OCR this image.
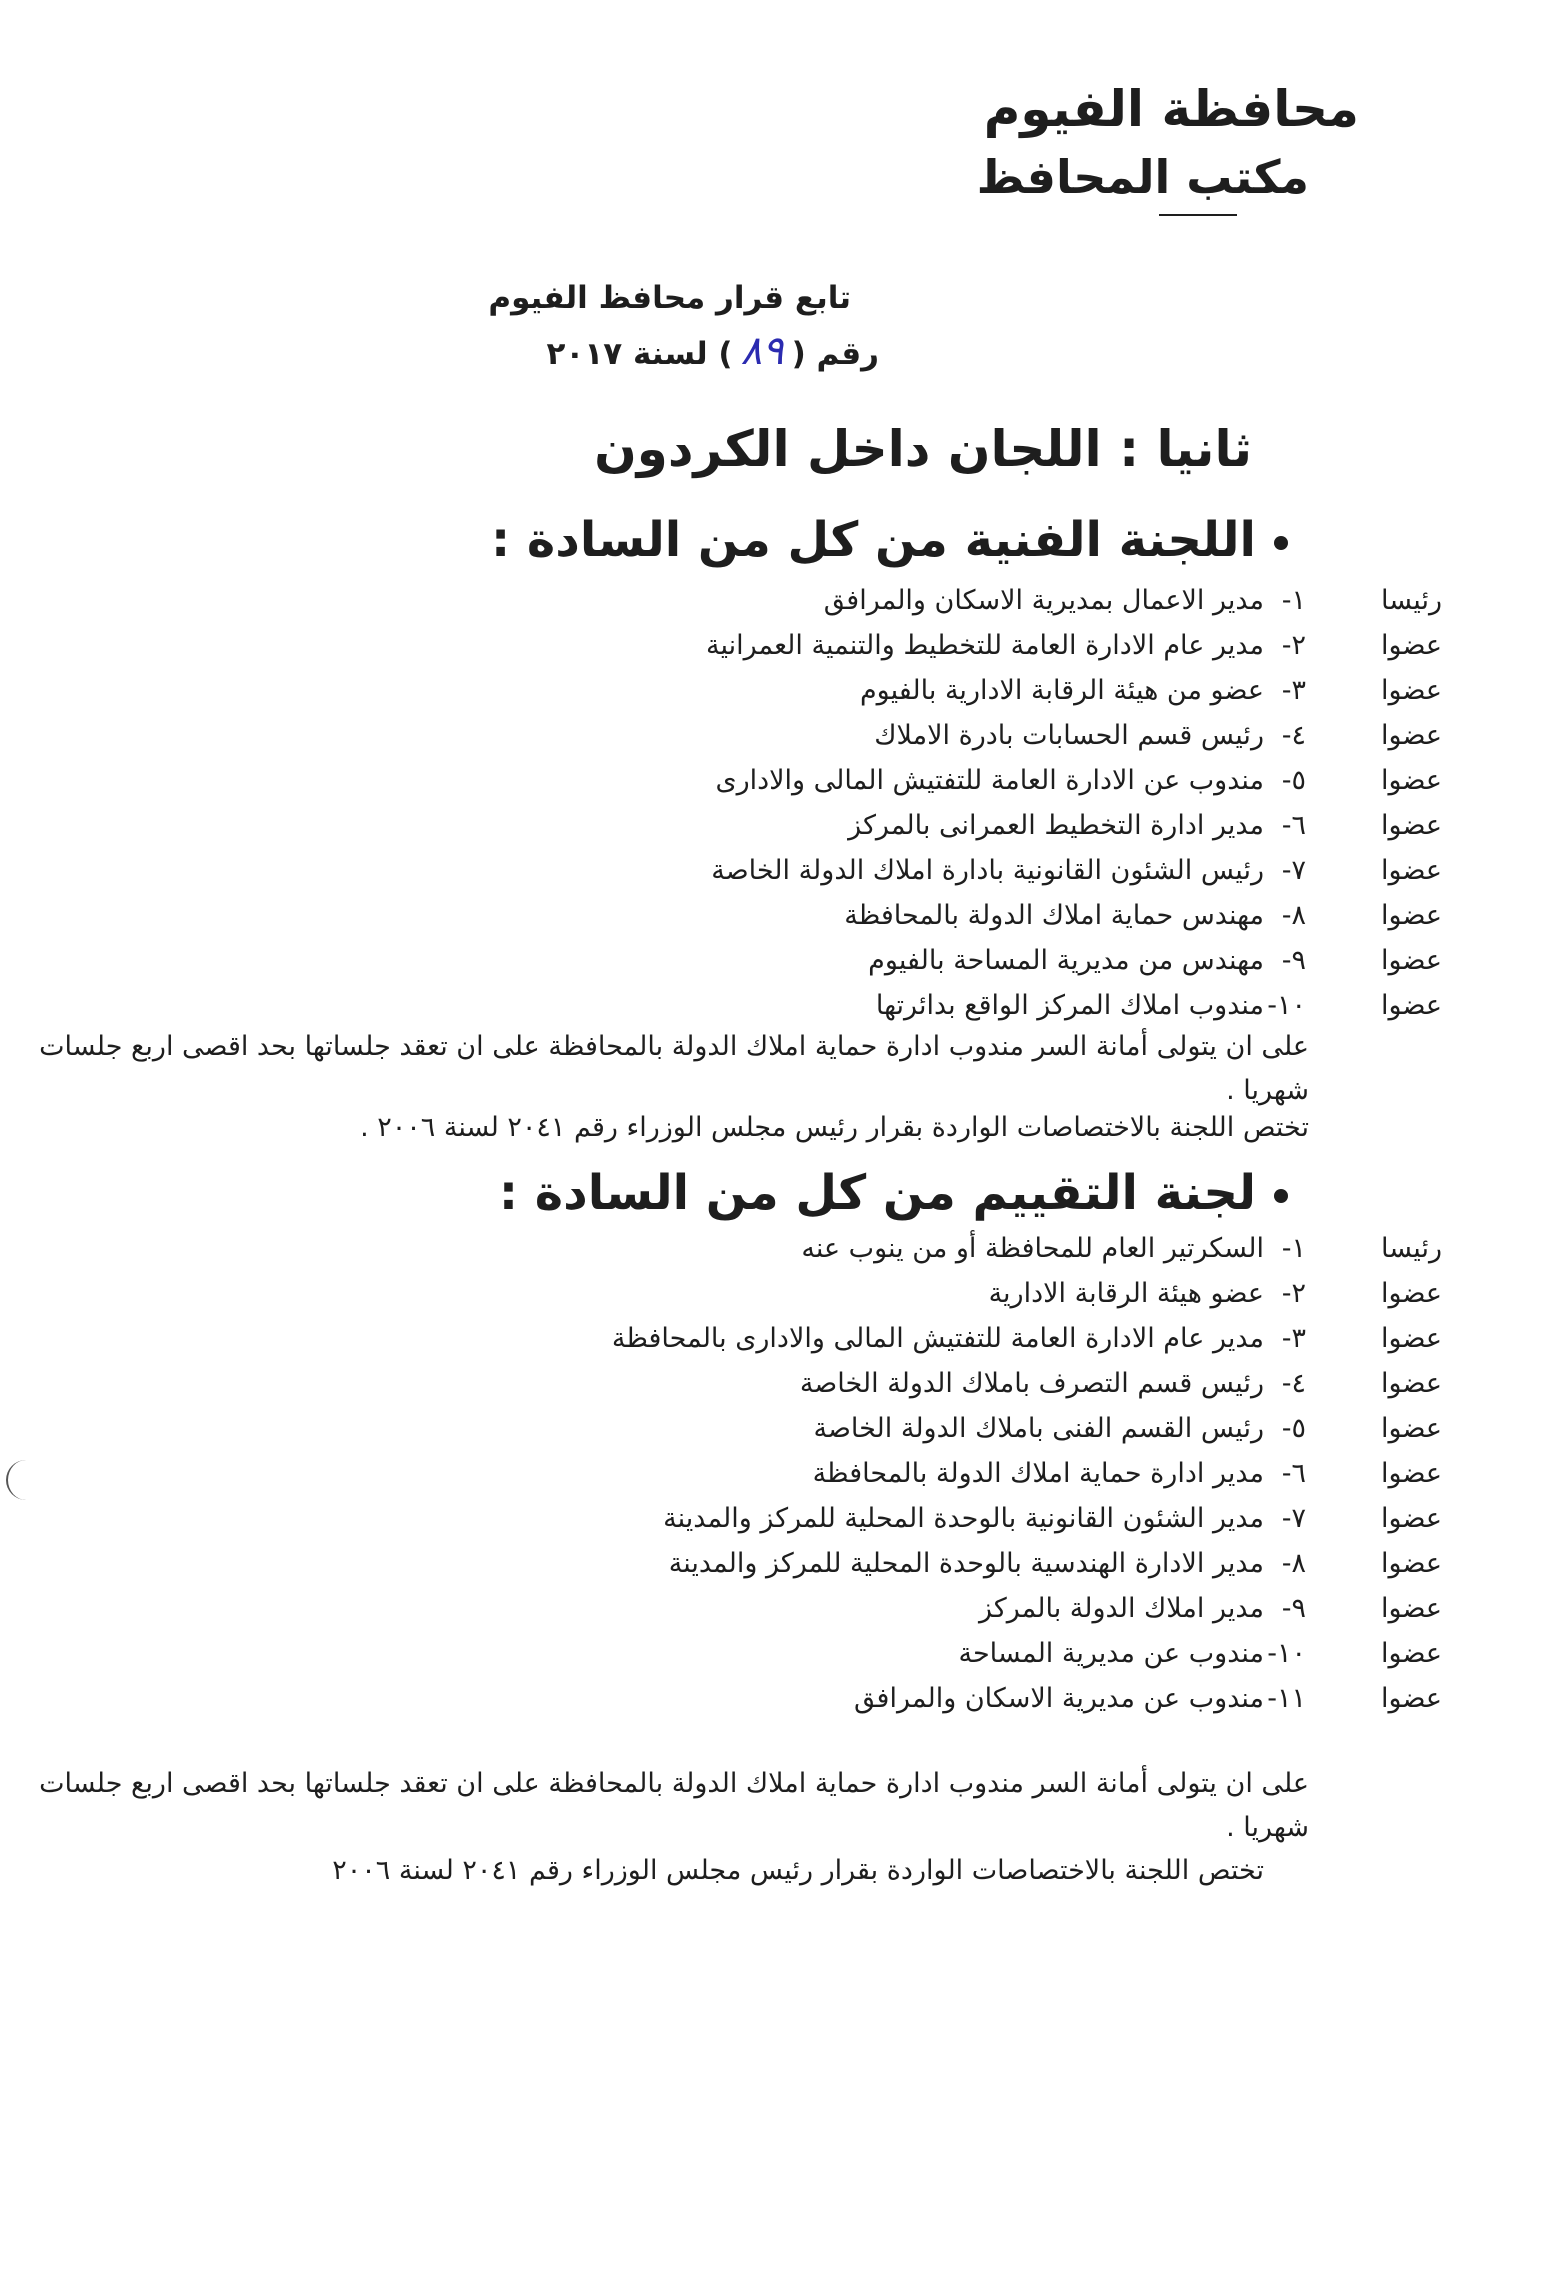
محافظة الفيوم
مكتب المحافظ
تابع قرار محافظ الفيوم
رقم (٨٩) لسنة ٢٠١٧
ثانيا : اللجان داخل الكردون
اللجنة الفنية من كل من السادة :
١-مدير الاعمال بمديرية الاسكان والمرافق	رئيسا
٢-مدير عام الادارة العامة للتخطيط والتنمية العمرانية	عضوا
٣-عضو من هيئة الرقابة الادارية بالفيوم	عضوا
٤-رئيس قسم الحسابات بادرة الاملاك	عضوا
٥-مندوب عن الادارة العامة للتفتيش المالى والادارى	عضوا
٦-مدير ادارة التخطيط العمرانى بالمركز	عضوا
٧-رئيس الشئون القانونية بادارة املاك الدولة الخاصة	عضوا
٨-مهندس حماية املاك الدولة بالمحافظة	عضوا
٩-مهندس من مديرية المساحة بالفيوم	عضوا
١٠-مندوب املاك المركز الواقع بدائرتها	عضوا
على ان يتولى أمانة السر مندوب ادارة حماية املاك الدولة بالمحافظة على ان تعقد جلساتها بحد اقصى اربع جلسات شهريا .
تختص اللجنة بالاختصاصات الواردة بقرار رئيس مجلس الوزراء رقم ٢٠٤١ لسنة ٢٠٠٦ .
لجنة التقييم من كل من السادة :
١-السكرتير العام للمحافظة أو من ينوب عنه	رئيسا
٢-عضو هيئة الرقابة الادارية	عضوا
٣-مدير عام الادارة العامة للتفتيش المالى والادارى بالمحافظة	عضوا
٤-رئيس قسم التصرف باملاك الدولة الخاصة	عضوا
٥-رئيس القسم الفنى باملاك الدولة الخاصة	عضوا
٦-مدير ادارة حماية املاك الدولة بالمحافظة	عضوا
٧-مدير الشئون القانونية بالوحدة المحلية للمركز والمدينة	عضوا
٨-مدير الادارة الهندسية بالوحدة المحلية للمركز والمدينة	عضوا
٩-مدير املاك الدولة بالمركز	عضوا
١٠-مندوب عن مديرية المساحة	عضوا
١١-مندوب عن مديرية الاسكان والمرافق	عضوا
على ان يتولى أمانة السر مندوب ادارة حماية املاك الدولة بالمحافظة على ان تعقد جلساتها بحد اقصى اربع جلسات شهريا .
تختص اللجنة بالاختصاصات الواردة بقرار رئيس مجلس الوزراء رقم ٢٠٤١ لسنة ٢٠٠٦
